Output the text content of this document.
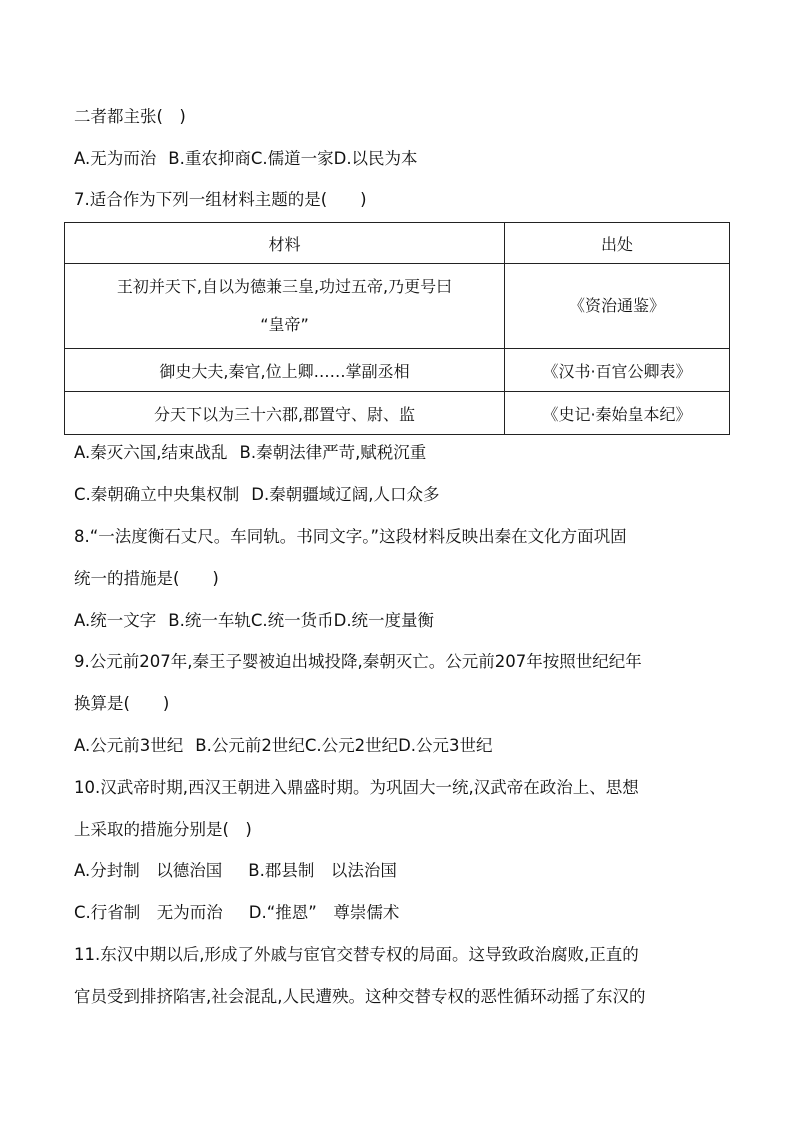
二者都主张(　)
A.无为而治 B.重农抑商C.儒道一家D.以民为本
7.适合作为下列一组材料主题的是(　　)
材料	出处

王初并天下,自以为德兼三皇,功过五帝,乃更号曰
“皇帝”	《资治通鉴》
御史大夫,秦官,位上卿……掌副丞相	《汉书·百官公卿表》
分天下以为三十六郡,郡置守、尉、监	《史记·秦始皇本纪》
A.秦灭六国,结束战乱 B.秦朝法律严苛,赋税沉重
C.秦朝确立中央集权制 D.秦朝疆域辽阔,人口众多
8.“一法度衡石丈尺。车同轨。书同文字。”这段材料反映出秦在文化方面巩固
统一的措施是(　　)
A.统一文字 B.统一车轨C.统一货币D.统一度量衡
9.公元前207年,秦王子婴被迫出城投降,秦朝灭亡。公元前207年按照世纪纪年
换算是(　　)
A.公元前3世纪 B.公元前2世纪C.公元2世纪D.公元3世纪
10.汉武帝时期,西汉王朝进入鼎盛时期。为巩固大一统,汉武帝在政治上、思想
上采取的措施分别是(　)
A.分封制　以德治国 B.郡县制　以法治国
C.行省制　无为而治 D.“推恩”　尊崇儒术
11.东汉中期以后,形成了外戚与宦官交替专权的局面。这导致政治腐败,正直的
官员受到排挤陷害,社会混乱,人民遭殃。这种交替专权的恶性循环动摇了东汉的
